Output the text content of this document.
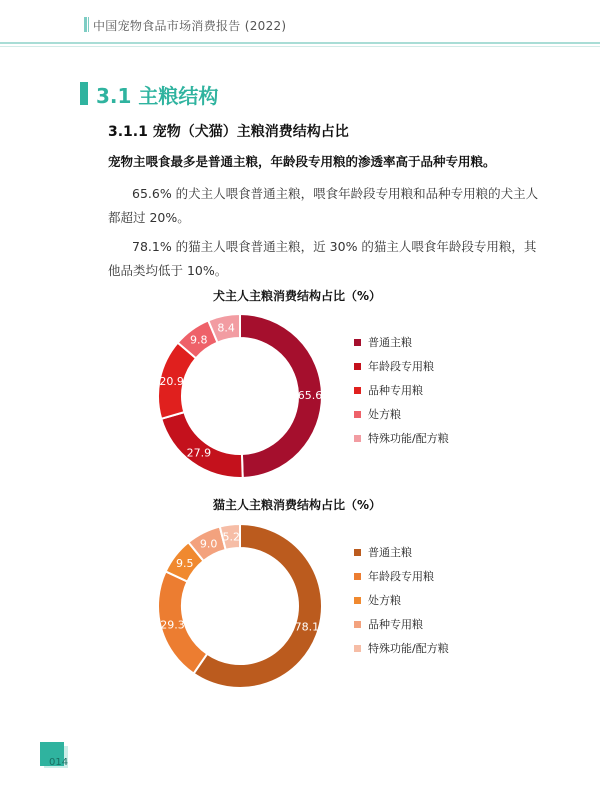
中国宠物食品市场消费报告 (2022)
3.1 主粮结构
3.1.1 宠物（犬猫）主粮消费结构占比
宠物主喂食最多是普通主粮，年龄段专用粮的渗透率高于品种专用粮。
65.6% 的犬主人喂食普通主粮，喂食年龄段专用粮和品种专用粮的犬主人都超过 20%。
78.1% 的猫主人喂食普通主粮，近 30% 的猫主人喂食年龄段专用粮，其他品类均低于 10%。
犬主人主粮消费结构占比（%）
65.6
27.9
20.9
9.8
8.4
普通主粮
年龄段专用粮
品种专用粮
处方粮
特殊功能/配方粮
猫主人主粮消费结构占比（%）
78.1
29.3
9.5
9.0
5.2
普通主粮
年龄段专用粮
处方粮
品种专用粮
特殊功能/配方粮
014
